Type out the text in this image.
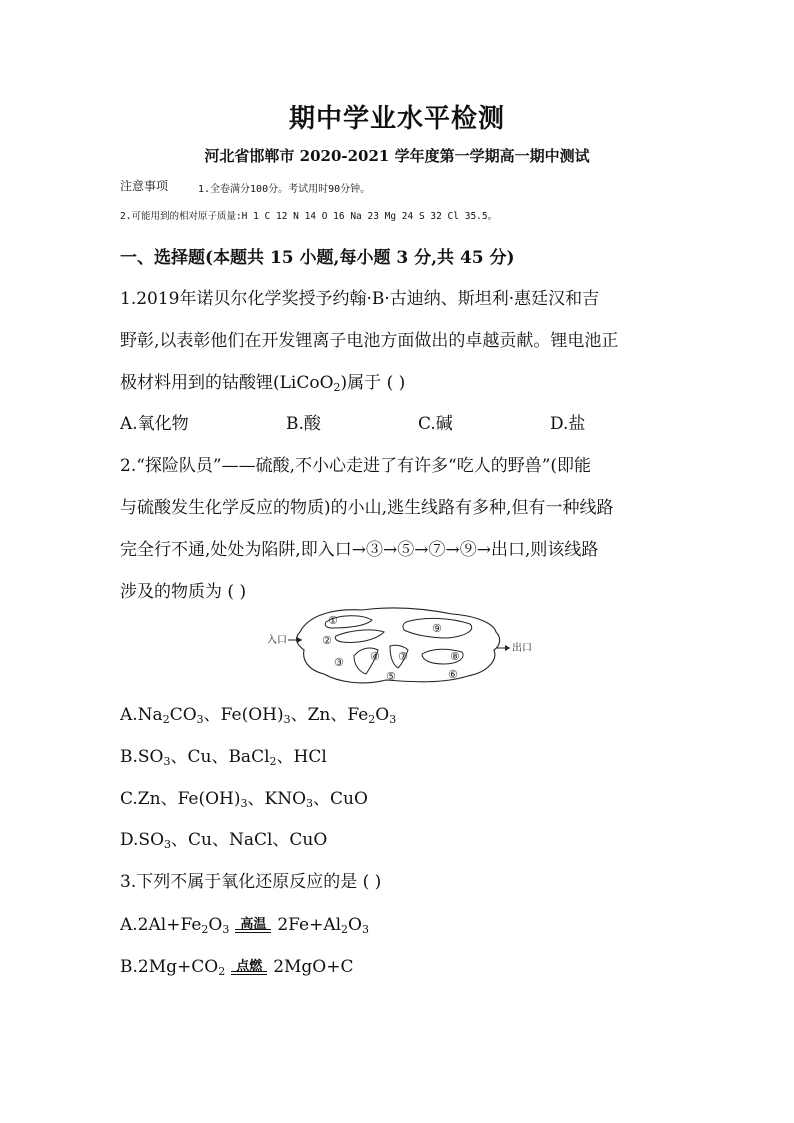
期中学业水平检测
河北省邯郸市 2020-2021 学年度第一学期高一期中测试
注意事项	1.全卷满分100分。考试用时90分钟。
2.可能用到的相对原子质量:H 1 C 12 N 14 O 16 Na 23 Mg 24 S 32 Cl 35.5。
一、选择题(本题共 15 小题,每小题 3 分,共 45 分)
1.2019年诺贝尔化学奖授予约翰·B·古迪纳、斯坦利·惠廷汉和吉
野彰,以表彰他们在开发锂离子电池方面做出的卓越贡献。锂电池正
极材料用到的钴酸锂(LiCoO$_2$)属于 ( )
A.氧化物	B.酸	C.碱	D.盐
2.“探险队员”——硫酸,不小心走进了有许多“吃人的野兽”(即能
与硫酸发生化学反应的物质)的小山,逃生线路有多种,但有一种线路
完全行不通,处处为陷阱,即入口→③→⑤→⑦→⑨→出口,则该线路
涉及的物质为 ( )
入口
出口
①
②
③ ④
⑤	⑥
⑦	⑧
⑨
$A.Na_2CO_3$、$Fe(OH)_3$、Zn、$Fe_2O_3$
$B.SO_3$、Cu、BaCl$_2$、HCl
C.Zn、$Fe(OH)_3$、$KNO_3$、CuO
$D.SO_3$、Cu、NaCl、CuO
3.下列不属于氧化还原反应的是 ( )
$A.2Al+Fe_2O_3$ 高温 $2Fe+Al_2O_3$
$B.2Mg+CO_2$ 点燃 2MgO+C
